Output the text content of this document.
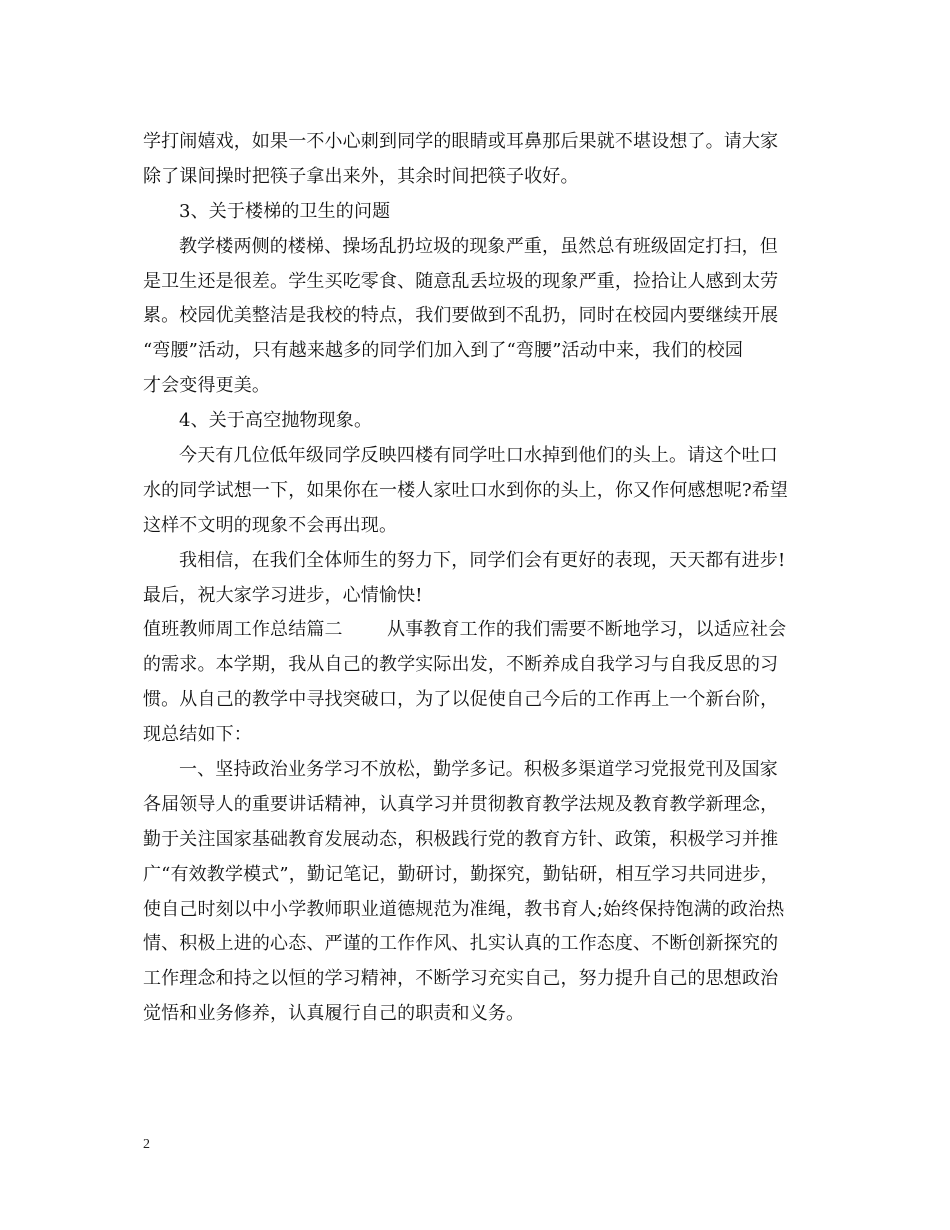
学打闹嬉戏，如果一不小心刺到同学的眼睛或耳鼻那后果就不堪设想了。请大家
除了课间操时把筷子拿出来外，其余时间把筷子收好。
3、关于楼梯的卫生的问题
教学楼两侧的楼梯、操场乱扔垃圾的现象严重，虽然总有班级固定打扫，但
是卫生还是很差。学生买吃零食、随意乱丢垃圾的现象严重，捡拾让人感到太劳
累。校园优美整洁是我校的特点，我们要做到不乱扔，同时在校园内要继续开展
“弯腰”活动，只有越来越多的同学们加入到了“弯腰”活动中来，我们的校园
才会变得更美。
4、关于高空抛物现象。
今天有几位低年级同学反映四楼有同学吐口水掉到他们的头上。请这个吐口
水的同学试想一下，如果你在一楼人家吐口水到你的头上，你又作何感想呢?希望
这样不文明的现象不会再出现。
我相信，在我们全体师生的努力下，同学们会有更好的表现，天天都有进步!
最后，祝大家学习进步，心情愉快!
值班教师周工作总结篇二 从事教育工作的我们需要不断地学习，以适应社会
的需求。本学期，我从自己的教学实际出发，不断养成自我学习与自我反思的习
惯。从自己的教学中寻找突破口，为了以促使自己今后的工作再上一个新台阶，
现总结如下：
一、坚持政治业务学习不放松，勤学多记。积极多渠道学习党报党刊及国家
各届领导人的重要讲话精神，认真学习并贯彻教育教学法规及教育教学新理念，
勤于关注国家基础教育发展动态，积极践行党的教育方针、政策，积极学习并推
广“有效教学模式”，勤记笔记，勤研讨，勤探究，勤钻研，相互学习共同进步，
使自己时刻以中小学教师职业道德规范为准绳，教书育人;始终保持饱满的政治热
情、积极上进的心态、严谨的工作作风、扎实认真的工作态度、不断创新探究的
工作理念和持之以恒的学习精神，不断学习充实自己，努力提升自己的思想政治
觉悟和业务修养，认真履行自己的职责和义务。
2
